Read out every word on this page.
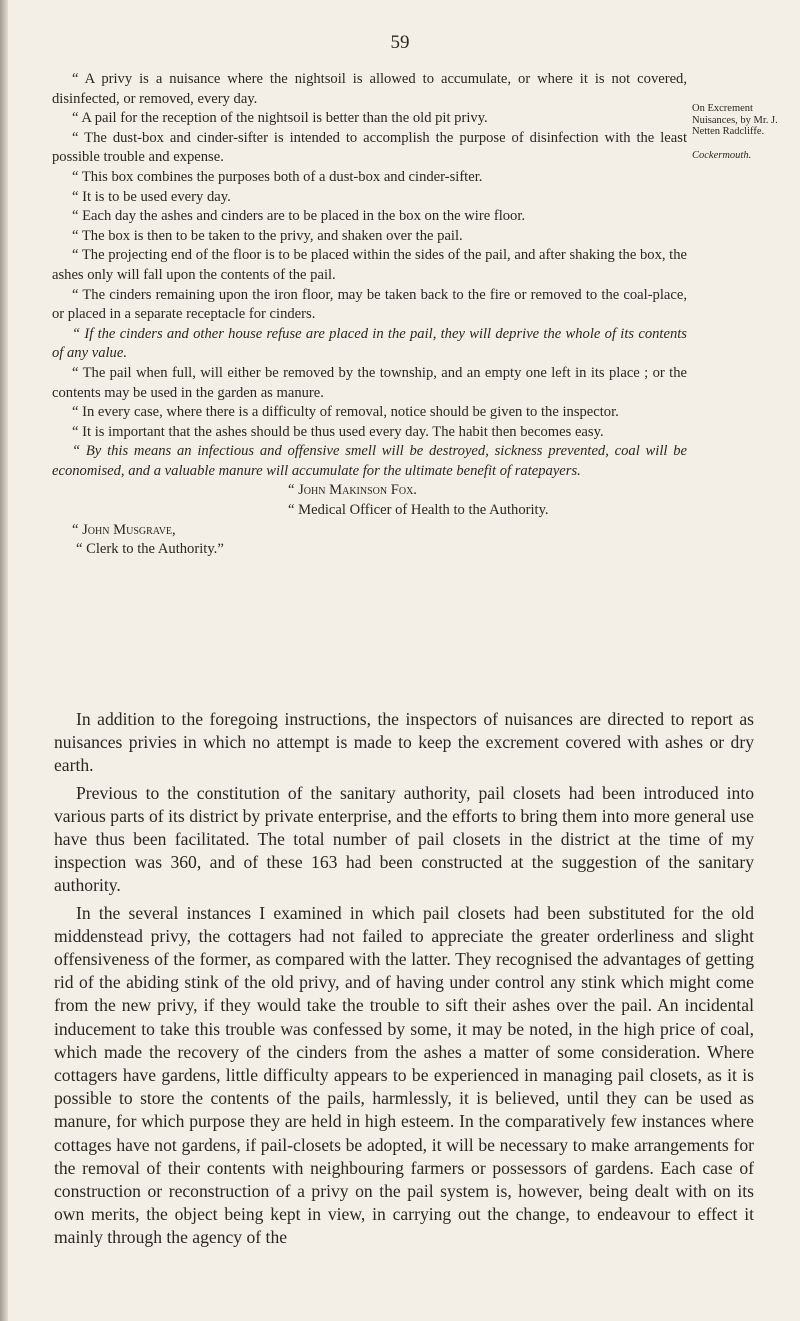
59
On Excrement Nuisances, by Mr. J. Netten Radcliffe.
Cockermouth.

“ A privy is a nuisance where the nightsoil is allowed to accumulate, or where it is not covered, disinfected, or removed, every day.

“ A pail for the reception of the nightsoil is better than the old pit privy.

“ The dust-box and cinder-sifter is intended to accomplish the purpose of disinfection with the least possible trouble and expense.

“ This box combines the purposes both of a dust-box and cinder-sifter.

“ It is to be used every day.

“ Each day the ashes and cinders are to be placed in the box on the wire floor.

“ The box is then to be taken to the privy, and shaken over the pail.

“ The projecting end of the floor is to be placed within the sides of the pail, and after shaking the box, the ashes only will fall upon the contents of the pail.

“ The cinders remaining upon the iron floor, may be taken back to the fire or removed to the coal-place, or placed in a separate receptacle for cinders.

“ If the cinders and other house refuse are placed in the pail, they will deprive the whole of its contents of any value.

“ The pail when full, will either be removed by the township, and an empty one left in its place ; or the contents may be used in the garden as manure.

“ In every case, where there is a difficulty of removal, notice should be given to the inspector.

“ It is important that the ashes should be thus used every day. The habit then becomes easy.

“ By this means an infectious and offensive smell will be destroyed, sickness prevented, coal will be economised, and a valuable manure will accumulate for the ultimate benefit of ratepayers.

“ John Makinson Fox.

“ Medical Officer of Health to the Authority.

“ John Musgrave,

“ Clerk to the Authority.”

In addition to the foregoing instructions, the inspectors of nuisances are directed to report as nuisances privies in which no attempt is made to keep the excrement covered with ashes or dry earth.

Previous to the constitution of the sanitary authority, pail closets had been introduced into various parts of its district by private enterprise, and the efforts to bring them into more general use have thus been facilitated. The total number of pail closets in the district at the time of my inspection was 360, and of these 163 had been constructed at the suggestion of the sanitary authority.

In the several instances I examined in which pail closets had been substituted for the old middenstead privy, the cottagers had not failed to appreciate the greater orderliness and slight offensiveness of the former, as compared with the latter. They recognised the advantages of getting rid of the abiding stink of the old privy, and of having under control any stink which might come from the new privy, if they would take the trouble to sift their ashes over the pail. An incidental inducement to take this trouble was confessed by some, it may be noted, in the high price of coal, which made the recovery of the cinders from the ashes a matter of some consideration. Where cottagers have gardens, little difficulty appears to be experienced in managing pail closets, as it is possible to store the contents of the pails, harmlessly, it is believed, until they can be used as manure, for which purpose they are held in high esteem. In the comparatively few instances where cottages have not gardens, if pail-closets be adopted, it will be necessary to make arrangements for the removal of their contents with neighbouring farmers or possessors of gardens. Each case of construction or reconstruction of a privy on the pail system is, however, being dealt with on its own merits, the object being kept in view, in carrying out the change, to endeavour to effect it mainly through the agency of the
